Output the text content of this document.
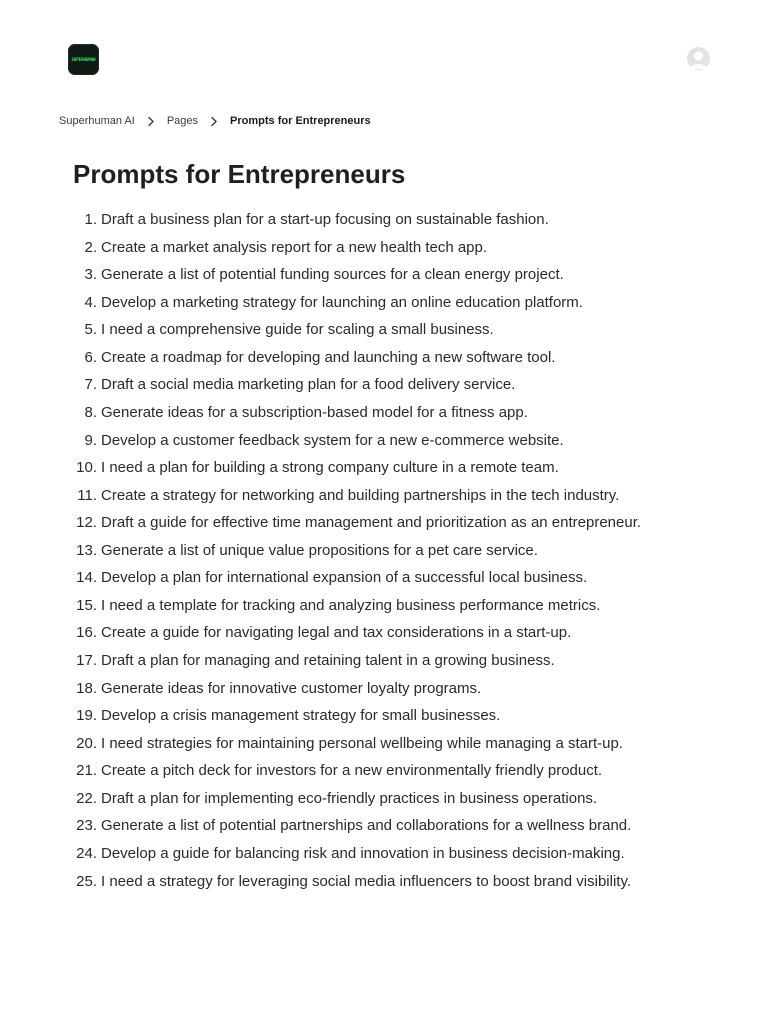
SUPERHUMAN
Superhuman AI	Pages	Prompts for Entrepreneurs
Prompts for Entrepreneurs
1. Draft a business plan for a start-up focusing on sustainable fashion.
2. Create a market analysis report for a new health tech app.
3. Generate a list of potential funding sources for a clean energy project.
4. Develop a marketing strategy for launching an online education platform.
5. I need a comprehensive guide for scaling a small business.
6. Create a roadmap for developing and launching a new software tool.
7. Draft a social media marketing plan for a food delivery service.
8. Generate ideas for a subscription-based model for a fitness app.
9. Develop a customer feedback system for a new e-commerce website.
10. I need a plan for building a strong company culture in a remote team.
11. Create a strategy for networking and building partnerships in the tech industry.
12. Draft a guide for effective time management and prioritization as an entrepreneur.
13. Generate a list of unique value propositions for a pet care service.
14. Develop a plan for international expansion of a successful local business.
15. I need a template for tracking and analyzing business performance metrics.
16. Create a guide for navigating legal and tax considerations in a start-up.
17. Draft a plan for managing and retaining talent in a growing business.
18. Generate ideas for innovative customer loyalty programs.
19. Develop a crisis management strategy for small businesses.
20. I need strategies for maintaining personal wellbeing while managing a start-up.
21. Create a pitch deck for investors for a new environmentally friendly product.
22. Draft a plan for implementing eco-friendly practices in business operations.
23. Generate a list of potential partnerships and collaborations for a wellness brand.
24. Develop a guide for balancing risk and innovation in business decision-making.
25. I need a strategy for leveraging social media influencers to boost brand visibility.
